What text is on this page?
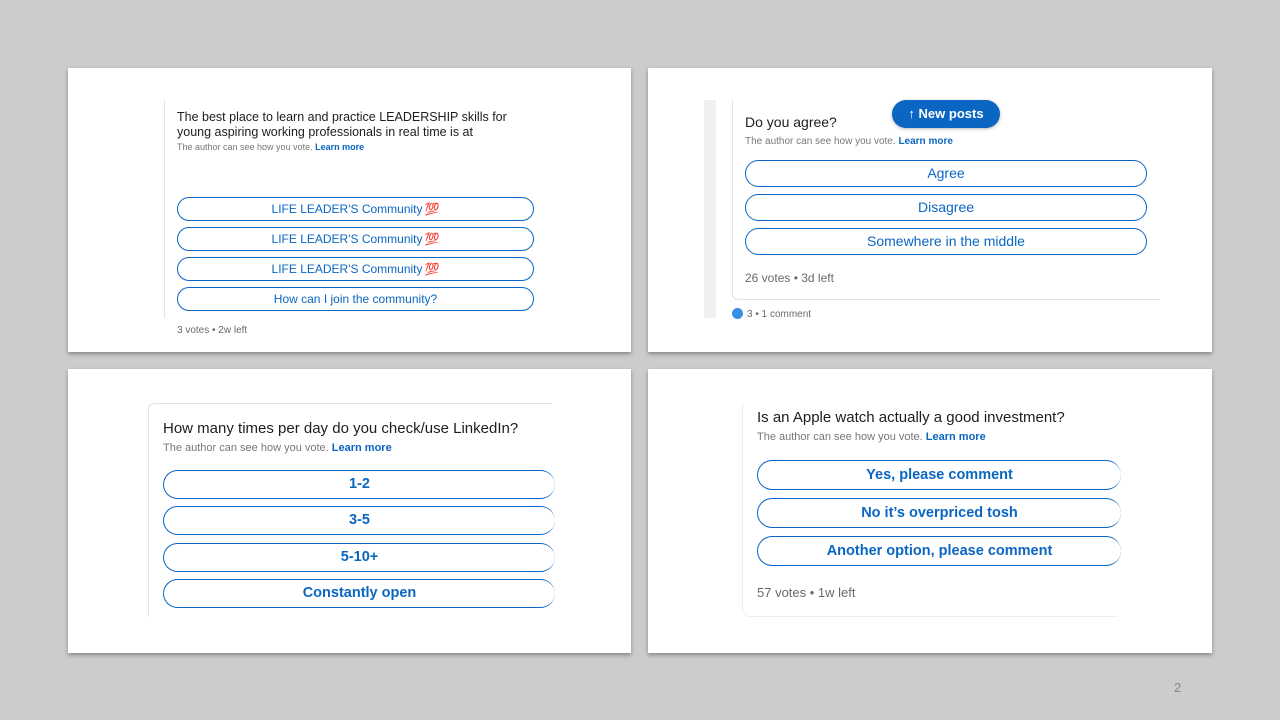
The best place to learn and practice LEADERSHIP skills for young aspiring working professionals in real time is at

The author can see how you vote. Learn more

LIFE LEADER'S Community 💯
LIFE LEADER'S Community 💯
LIFE LEADER'S Community 💯
How can I join the community?

3 votes • 2w left

Do you agree?

The author can see how you vote. Learn more

Agree
Disagree
Somewhere in the middle

26 votes • 3d left

↑ New posts
3 • 1 comment

How many times per day do you check/use LinkedIn?

The author can see how you vote. Learn more

1-2
3-5
5-10+
Constantly open

Is an Apple watch actually a good investment?

The author can see how you vote. Learn more

Yes, please comment
No it’s overpriced tosh
Another option, please comment

57 votes • 1w left

2
